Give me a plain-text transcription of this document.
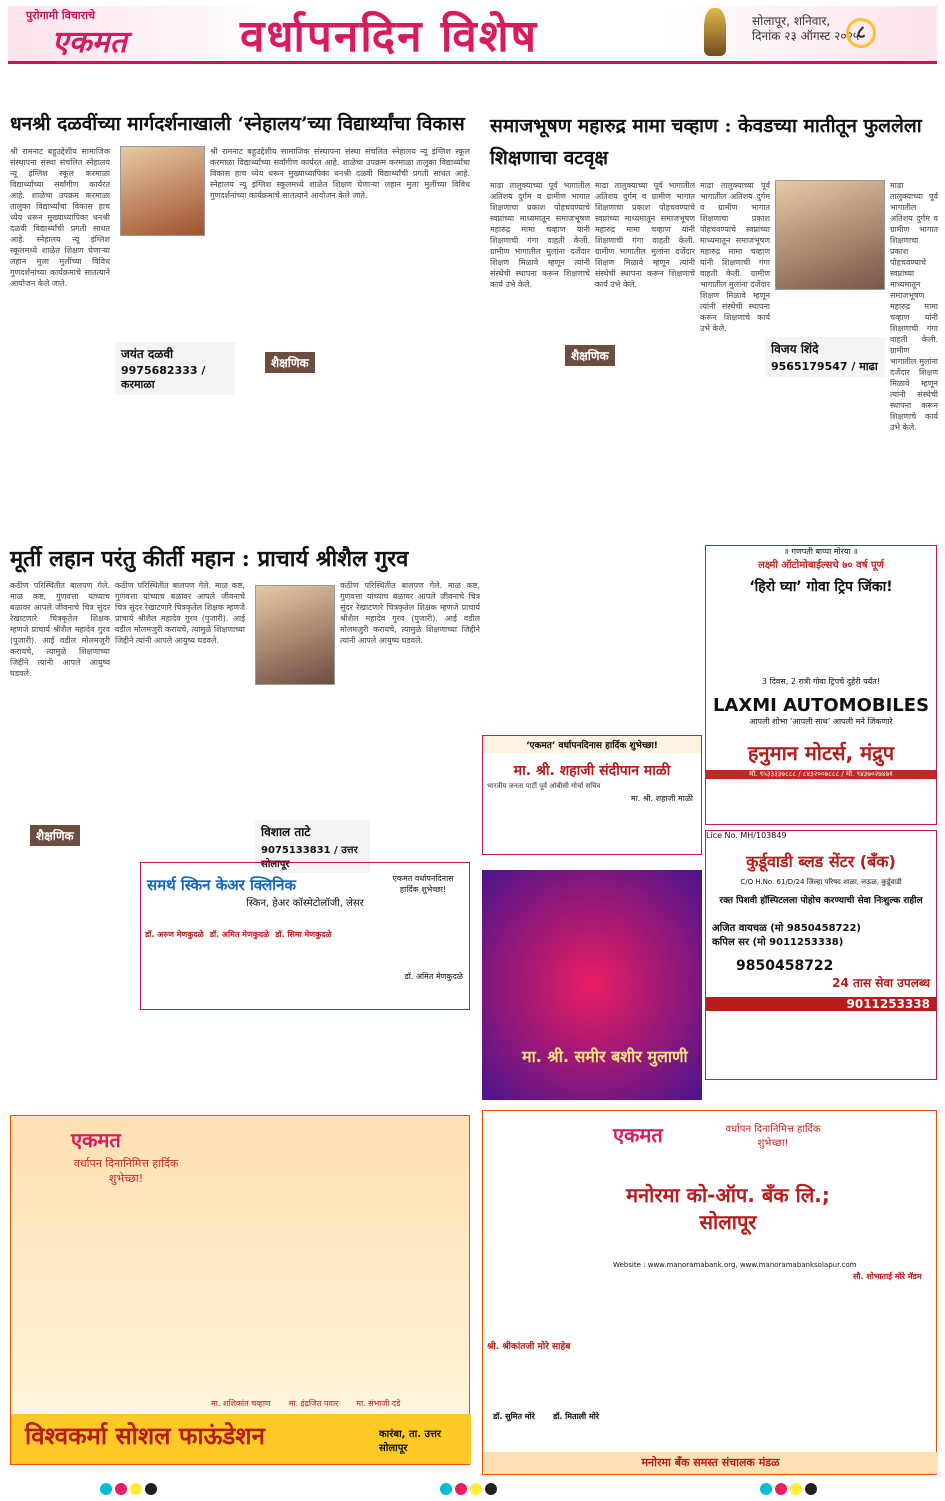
पुरोगामी विचाराचे
एकमत	वर्धापनदिन विशेष	सोलापूर, शनिवार,
दिनांक २३ ऑगस्ट २०२५
८
धनश्री दळवींच्या मार्गदर्शनाखाली ‘स्नेहालय’च्या विद्यार्थ्यांचा विकास
श्री रामनाट बहुउद्देशीय सामाजिक संस्थापना संस्था संचलित स्नेहालय न्यू इंग्लिश स्कूल करमाळा विद्यार्थ्यांच्या सर्वांगीण कार्यरत आहे. शाळेचा उपक्रम करमाळा तालुका विद्यार्थ्यांचा विकास हाच ध्येय धरून मुख्याध्यापिका धनश्री दळवी विद्यार्थ्यांची प्रगती साधत आहे. स्नेहालय न्यू इंग्लिश स्कूलमध्ये शाळेत शिक्षण घेणाऱ्या लहान मुला मुलींच्या विविध गुणदर्शनांच्या कार्यक्रमाचे सातत्याने आयोजन केले जाते.
श्री रामनाट बहुउद्देशीय सामाजिक संस्थापना संस्था संचलित स्नेहालय न्यू इंग्लिश स्कूल करमाळा विद्यार्थ्यांच्या सर्वांगीण कार्यरत आहे. शाळेचा उपक्रम करमाळा तालुका विद्यार्थ्यांचा विकास हाच ध्येय धरून मुख्याध्यापिका धनश्री दळवी विद्यार्थ्यांची प्रगती साधत आहे. स्नेहालय न्यू इंग्लिश स्कूलमध्ये शाळेत शिक्षण घेणाऱ्या लहान मुला मुलींच्या विविध गुणदर्शनांच्या कार्यक्रमाचे सातत्याने आयोजन केले जाते.
जयंत दळवी
9975682333 / करमाळा
शैक्षणिक
समाजभूषण महारुद्र मामा चव्हाण : केवडच्या मातीतून फुललेला शिक्षणाचा वटवृक्ष
माढा तालुक्याच्या पूर्व भागातील अतिशय दुर्गम व ग्रामीण भागात शिक्षणाचा प्रकाश पोहचवण्याचे स्वप्नांच्या माध्यमातून समाजभूषण महारुद्र मामा चव्हाण यांनी शिक्षणाची गंगा वाहती केली. ग्रामीण भागातील मुलांना दर्जेदार शिक्षण मिळावे म्हणून त्यांनी संस्थेची स्थापना करून शिक्षणाचे कार्य उभे केले.
माढा तालुक्याच्या पूर्व भागातील अतिशय दुर्गम व ग्रामीण भागात शिक्षणाचा प्रकाश पोहचवण्याचे स्वप्नांच्या माध्यमातून समाजभूषण महारुद्र मामा चव्हाण यांनी शिक्षणाची गंगा वाहती केली. ग्रामीण भागातील मुलांना दर्जेदार शिक्षण मिळावे म्हणून त्यांनी संस्थेची स्थापना करून शिक्षणाचे कार्य उभे केले.
माढा तालुक्याच्या पूर्व भागातील अतिशय दुर्गम व ग्रामीण भागात शिक्षणाचा प्रकाश पोहचवण्याचे स्वप्नांच्या माध्यमातून समाजभूषण महारुद्र मामा चव्हाण यांनी शिक्षणाची गंगा वाहती केली. ग्रामीण भागातील मुलांना दर्जेदार शिक्षण मिळावे म्हणून त्यांनी संस्थेची स्थापना करून शिक्षणाचे कार्य उभे केले.
माढा तालुक्याच्या पूर्व भागातील अतिशय दुर्गम व ग्रामीण भागात शिक्षणाचा प्रकाश पोहचवण्याचे स्वप्नांच्या माध्यमातून समाजभूषण महारुद्र मामा चव्हाण यांनी शिक्षणाची गंगा वाहती केली. ग्रामीण भागातील मुलांना दर्जेदार शिक्षण मिळावे म्हणून त्यांनी संस्थेची स्थापना करून शिक्षणाचे कार्य उभे केले.
विजय शिंदे
9565179547 / माढा
शैक्षणिक
मूर्ती लहान परंतु कीर्ती महान : प्राचार्य श्रीशैल गुरव
कठीण परिस्थितीत बालपण गेले. माळ कष्ट, गुणवत्ता यांच्याच बळावर आपले जीवनाचे चित्र सुंदर रेखाटणारे चित्रकृतेल शिक्षक म्हणजे प्राचार्य श्रीशैल महादेव गुरव (पुजारी). आई वडील मोलमजुरी करायचे, त्यामुळे शिक्षणाच्या जिद्दीने त्यांनी आपले आयुष्य घडवले.
कठीण परिस्थितीत बालपण गेले. माळ कष्ट, गुणवत्ता यांच्याच बळावर आपले जीवनाचे चित्र सुंदर रेखाटणारे चित्रकृतेल शिक्षक म्हणजे प्राचार्य श्रीशैल महादेव गुरव (पुजारी). आई वडील मोलमजुरी करायचे, त्यामुळे शिक्षणाच्या जिद्दीने त्यांनी आपले आयुष्य घडवले.
कठीण परिस्थितीत बालपण गेले. माळ कष्ट, गुणवत्ता यांच्याच बळावर आपले जीवनाचे चित्र सुंदर रेखाटणारे चित्रकृतेल शिक्षक म्हणजे प्राचार्य श्रीशैल महादेव गुरव (पुजारी). आई वडील मोलमजुरी करायचे, त्यामुळे शिक्षणाच्या जिद्दीने त्यांनी आपले आयुष्य घडवले.
विशाल ताटे
9075133831 / उत्तर सोलापूर
शैक्षणिक
‘एकमत’ वर्धापनदिनास हार्दिक शुभेच्छा!
मा. श्री. शहाजी संदीपान माळी
भारतीय जनता पार्टी पूर्व ओबीसी मोर्चा सचिव
मा. श्री. शहाजी माळी
मा. श्री. समीर बशीर मुलाणी
॥ गणपती बाप्पा मोरया ॥
लक्ष्मी ऑटोमोबाईल्सचे ७० वर्ष पूर्ण
‘हिरो घ्या’ गोवा ट्रिप जिंका!
3 दिवस, 2 रात्री गोवा ट्रिपचे दुहेरी पर्यंत!
LAXMI AUTOMOBILES
आपली शोभा ‘आपली साथ’ आपली मने जिंकणारे
हनुमान मोटर्स, मंद्रुप
मो. ९५३३३३७८८८ / ८४३२००७८८८ / मो. ९४३७०२७४७१
Lice No. MH/103849
कुर्डूवाडी ब्लड सेंटर (बँक)
C/O H.No. 61/D/24 जिल्हा परिषद शाळा, लऊळ, कुर्डूवाडी
रक्त पिशवी हॉस्पिटलला पोहोच करण्याची सेवा निःशुल्क राहील
अजित वायचळ (मो 9850458722)
कपिल सर (मो 9011253338)
9850458722
24 तास सेवा उपलब्ध
9011253338
समर्थ स्किन केअर क्लिनिक
स्किन, हेअर कॉस्मेटोलॉजी, लेसर
डॉ. अरुण मेणकुदळे डॉ. अमित मेणकुदळे डॉ. सिमा मेणकुदळे
एकमत वर्धापनदिनास हार्दिक शुभेच्छा!
डॉ. अमित मेणकुदळे
एकमत
वर्धापन दिनानिमित्त हार्दिक शुभेच्छा!
मा. शशिकांत चव्हाण मा. इंद्रजित पवार मा. संभाजी दडे
विश्वकर्मा सोशल फाऊंडेशन	कारंबा, ता. उत्तर सोलापूर
एकमत	वर्धापन दिनानिमित्त हार्दिक शुभेच्छा!
मनोरमा को-ऑप. बँक लि.; सोलापूर
Website : www.manoramabank.org, www.manoramabanksolapur.com
श्री. श्रीकांतजी मोरे साहेब
सौ. शोभाताई मोरे मॅडम
डॉ. सुमित मोरे डॉ. मिताली मोरे
मनोरमा बँक समस्त संचालक मंडळ
